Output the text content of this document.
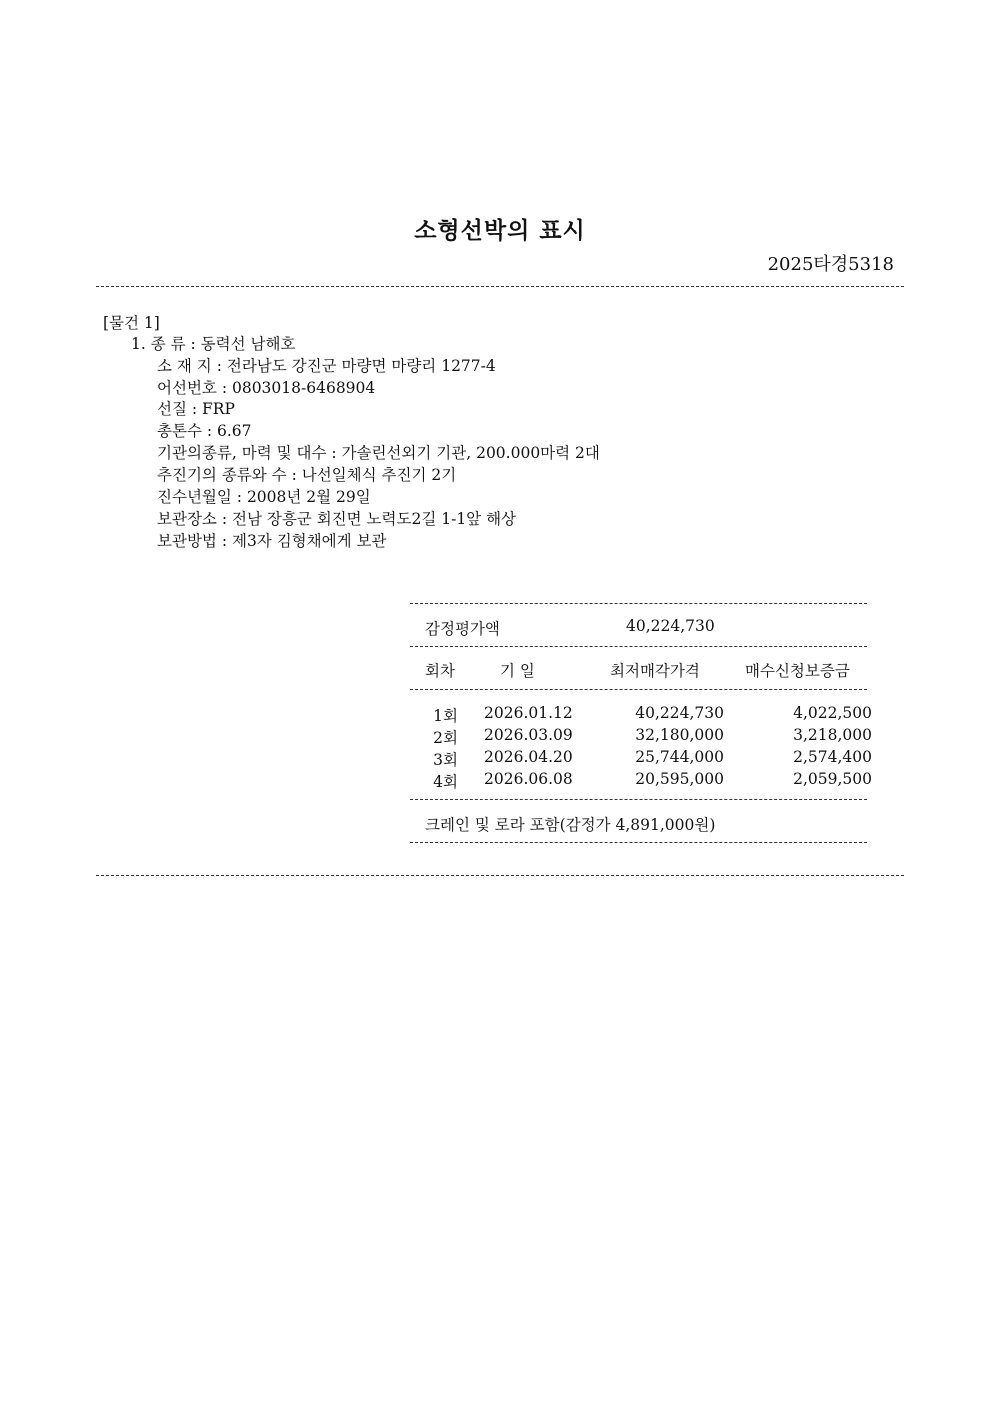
소형선박의 표시
2025타경5318
[물건 1]
1. 종 류 : 동력선 남해호
소 재 지 : 전라남도 강진군 마량면 마량리 1277-4
어선번호 : 0803018-6468904
선질 : FRP
총톤수 : 6.67
기관의종류, 마력 및 대수 : 가솔린선외기 기관, 200.000마력 2대
추진기의 종류와 수 : 나선일체식 추진기 2기
진수년월일 : 2008년 2월 29일
보관장소 : 전남 장흥군 회진면 노력도2길 1-1앞 해상
보관방법 : 제3자 김형채에게 보관
감정평가액	40,224,730
회차	기 일	최저매각가격	매수신청보증금
1회 2026.01.12	40,224,730	4,022,500
2회 2026.03.09	32,180,000	3,218,000
3회 2026.04.20	25,744,000	2,574,400
4회 2026.06.08	20,595,000	2,059,500
크레인 및 로라 포함(감정가 4,891,000원)
